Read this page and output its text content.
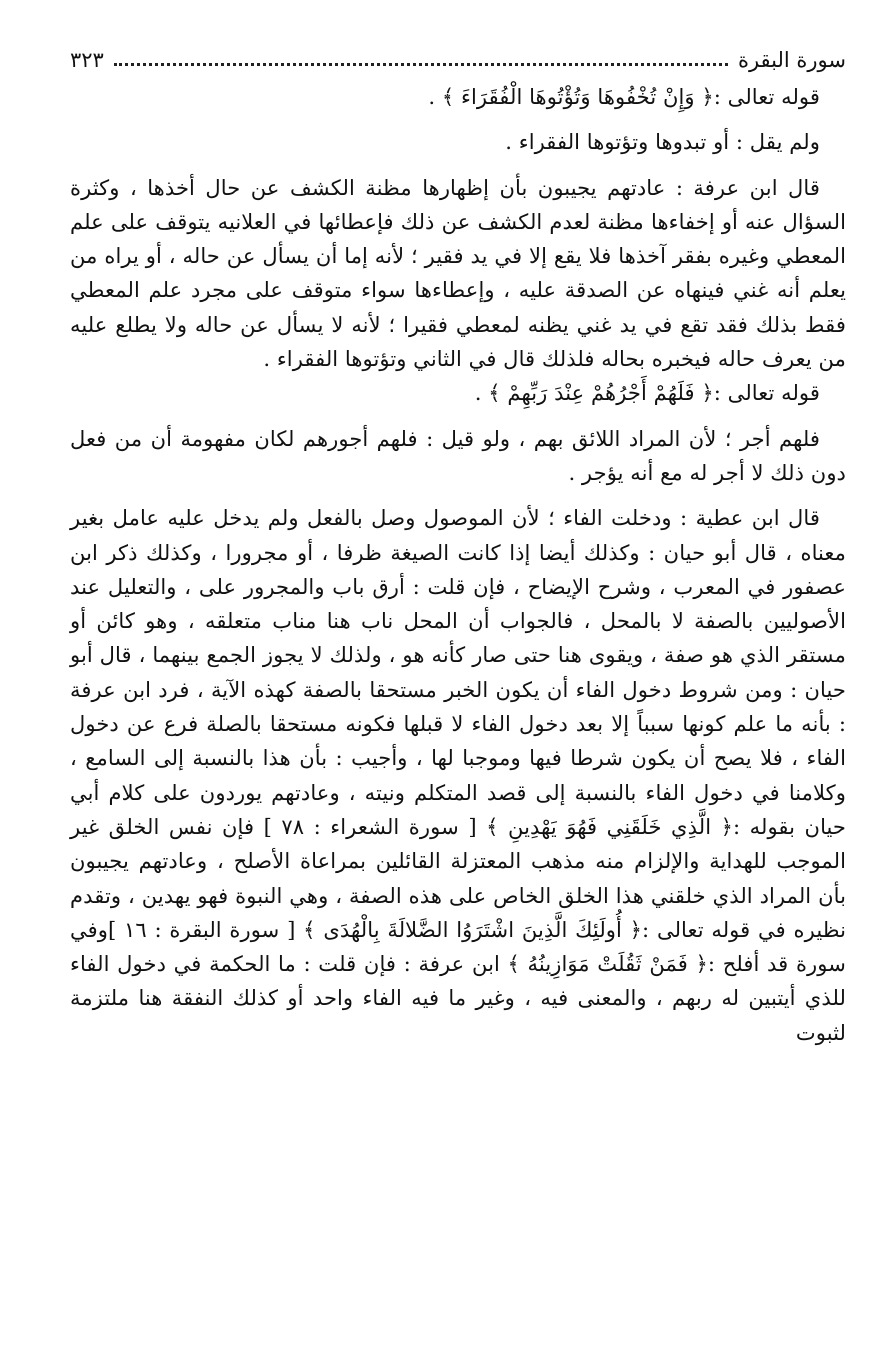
سورة البقرة
٣٢٣

قوله تعالى :﴿ وَإِنْ تُخْفُوهَا وَتُؤْتُوهَا الْفُقَرَاءَ ﴾ .

ولم يقل : أو تبدوها وتؤتوها الفقراء .

قال ابن عرفة : عادتهم يجيبون بأن إظهارها مظنة الكشف عن حال أخذها ، وكثرة السؤال عنه أو إخفاءها مظنة لعدم الكشف عن ذلك فإعطائها في العلانيه يتوقف على علم المعطي وغيره بفقر آخذها فلا يقع إلا في يد فقير ؛ لأنه إما أن يسأل عن حاله ، أو يراه من يعلم أنه غني فينهاه عن الصدقة عليه ، وإعطاءها سواء متوقف على مجرد علم المعطي فقط بذلك فقد تقع في يد غني يظنه لمعطي فقيرا ؛ لأنه لا يسأل عن حاله ولا يطلع عليه من يعرف حاله فيخبره بحاله فلذلك قال في الثاني وتؤتوها الفقراء .

قوله تعالى :﴿ فَلَهُمْ أَجْرُهُمْ عِنْدَ رَبِّهِمْ ﴾ .

فلهم أجر ؛ لأن المراد اللائق بهم ، ولو قيل : فلهم أجورهم لكان مفهومة أن من فعل دون ذلك لا أجر له مع أنه يؤجر .

قال ابن عطية : ودخلت الفاء ؛ لأن الموصول وصل بالفعل ولم يدخل عليه عامل بغير معناه ، قال أبو حيان : وكذلك أيضا إذا كانت الصيغة ظرفا ، أو مجرورا ، وكذلك ذكر ابن عصفور في المعرب ، وشرح الإيضاح ، فإن قلت : أرق باب والمجرور على ، والتعليل عند الأصوليين بالصفة لا بالمحل ، فالجواب أن المحل ناب هنا مناب متعلقه ، وهو كائن أو مستقر الذي هو صفة ، ويقوى هنا حتى صار كأنه هو ، ولذلك لا يجوز الجمع بينهما ، قال أبو حيان : ومن شروط دخول الفاء أن يكون الخبر مستحقا بالصفة كهذه الآية ، فرد ابن عرفة : بأنه ما علم كونها سبباً إلا بعد دخول الفاء لا قبلها فكونه مستحقا بالصلة فرع عن دخول الفاء ، فلا يصح أن يكون شرطا فيها وموجبا لها ، وأجيب : بأن هذا بالنسبة إلى السامع ، وكلامنا في دخول الفاء بالنسبة إلى قصد المتكلم ونيته ، وعادتهم يوردون على كلام أبي حيان بقوله :﴿ الَّذِي خَلَقَنِي فَهُوَ يَهْدِينِ ﴾ [ سورة الشعراء : ٧٨ ] فإن نفس الخلق غير الموجب للهداية والإلزام منه مذهب المعتزلة القائلين بمراعاة الأصلح ، وعادتهم يجيبون بأن المراد الذي خلقني هذا الخلق الخاص على هذه الصفة ، وهي النبوة فهو يهدين ، وتقدم نظيره في قوله تعالى :﴿ أُولَئِكَ الَّذِينَ اشْتَرَوُا الضَّلالَةَ بِالْهُدَى ﴾ [ سورة البقرة : ١٦ ]وفي سورة قد أفلح :﴿ فَمَنْ ثَقُلَتْ مَوَازِينُهُ ﴾ ابن عرفة : فإن قلت : ما الحكمة في دخول الفاء للذي أيتبين له ربهم ، والمعنى فيه ، وغير ما فيه الفاء واحد أو كذلك النفقة هنا ملتزمة لثبوت
